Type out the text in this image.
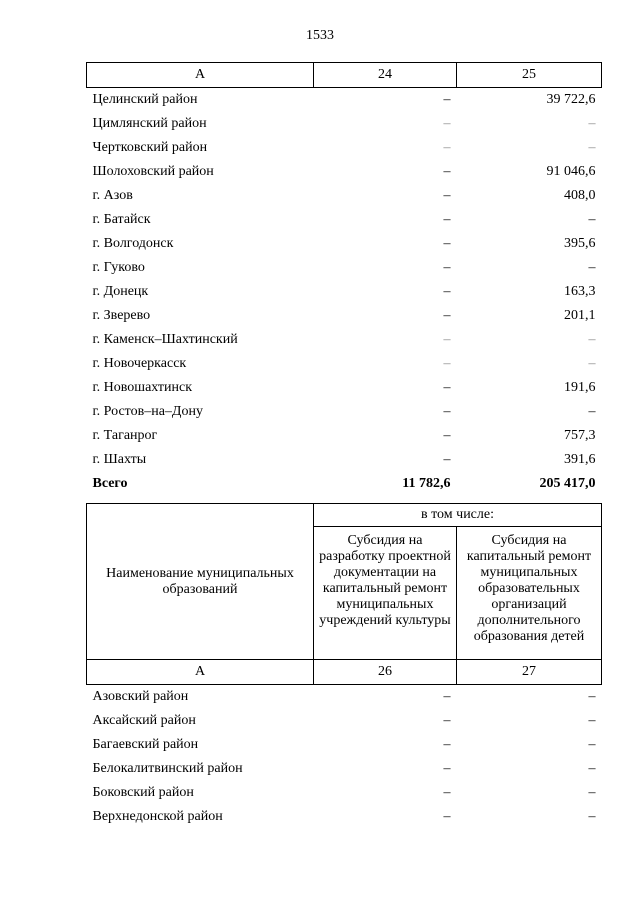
1533
А	24	25
Целинский район	–	39 722,6
Цимлянский район	–	–
Чертковский район	–	–
Шолоховский район	–	91 046,6
г. Азов	–	408,0
г. Батайск	–	–
г. Волгодонск	–	395,6
г. Гуково	–	–
г. Донецк	–	163,3
г. Зверево	–	201,1
г. Каменск–Шахтинский	–	–
г. Новочеркасск	–	–
г. Новошахтинск	–	191,6
г. Ростов–на–Дону	–	–
г. Таганрог	–	757,3
г. Шахты	–	391,6
Всего	11 782,6	205 417,0
Наименование муниципальных образований	в том числе:	
	Субсидия на разработку проектной документации на капитальный ремонт муниципальных учреждений культуры	Субсидия на капитальный ремонт муниципальных образовательных организаций дополнительного образования детей
А	26	27
Азовский район	–	–
Аксайский район	–	–
Багаевский район	–	–
Белокалитвинский район	–	–
Боковский район	–	–
Верхнедонской район	–	–
